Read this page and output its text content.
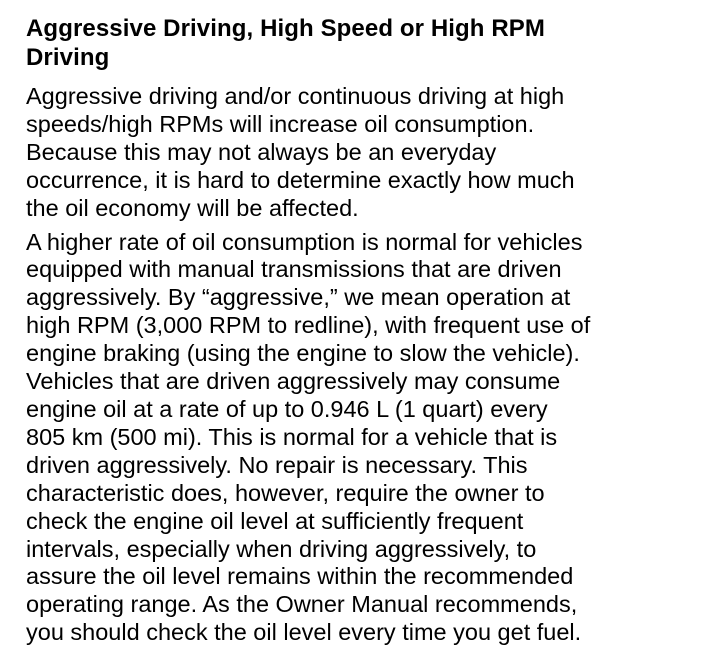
Aggressive Driving, High Speed or High RPM
Driving

Aggressive driving and/or continuous driving at high
speeds/high RPMs will increase oil consumption.
Because this may not always be an everyday
occurrence, it is hard to determine exactly how much
the oil economy will be affected.

A higher rate of oil consumption is normal for vehicles
equipped with manual transmissions that are driven
aggressively. By “aggressive,” we mean operation at
high RPM (3,000 RPM to redline), with frequent use of
engine braking (using the engine to slow the vehicle).
Vehicles that are driven aggressively may consume
engine oil at a rate of up to 0.946 L (1 quart) every
805 km (500 mi). This is normal for a vehicle that is
driven aggressively. No repair is necessary. This
characteristic does, however, require the owner to
check the engine oil level at sufficiently frequent
intervals, especially when driving aggressively, to
assure the oil level remains within the recommended
operating range. As the Owner Manual recommends,
you should check the oil level every time you get fuel.
